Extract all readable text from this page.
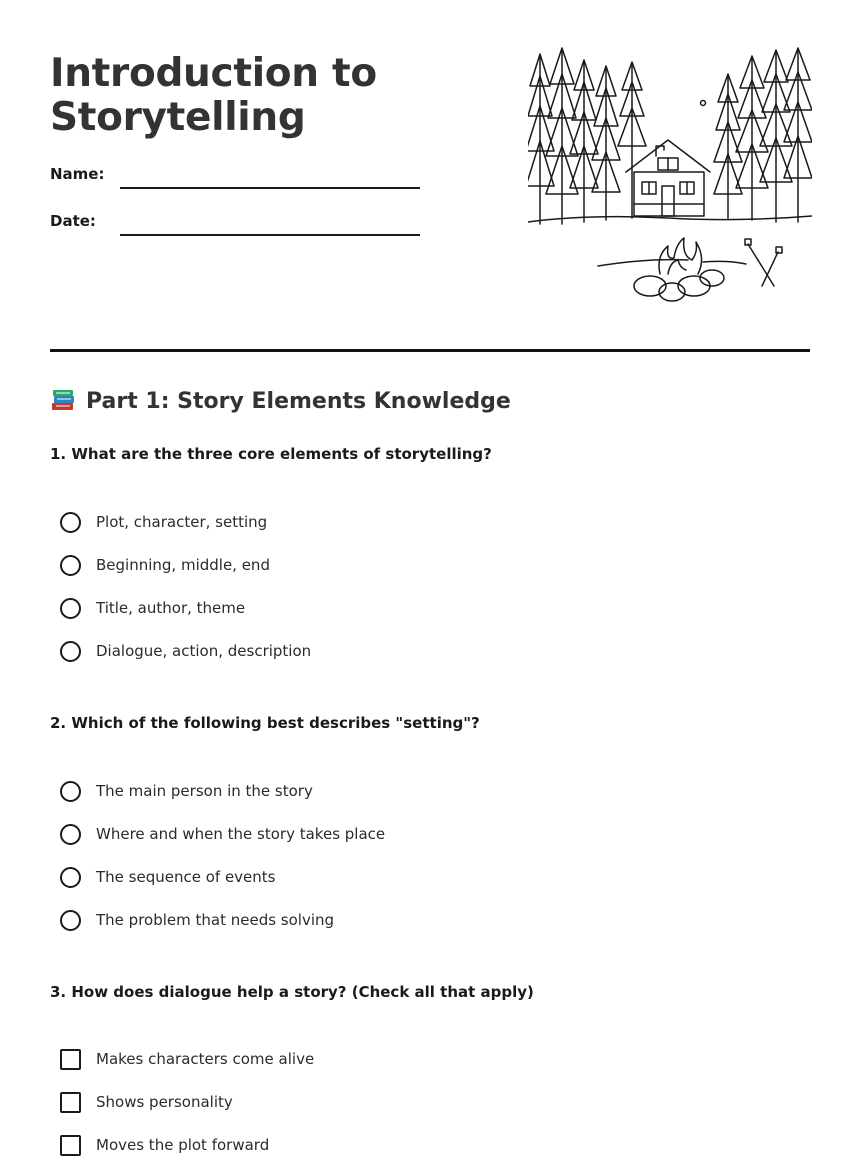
Introduction to
Storytelling
Name:
Date:
Part 1: Story Elements Knowledge

1. What are the three core elements of storytelling?

Plot, character, setting
Beginning, middle, end
Title, author, theme
Dialogue, action, description

2. Which of the following best describes "setting"?

The main person in the story
Where and when the story takes place
The sequence of events
The problem that needs solving

3. How does dialogue help a story? (Check all that apply)

Makes characters come alive
Shows personality
Moves the plot forward
